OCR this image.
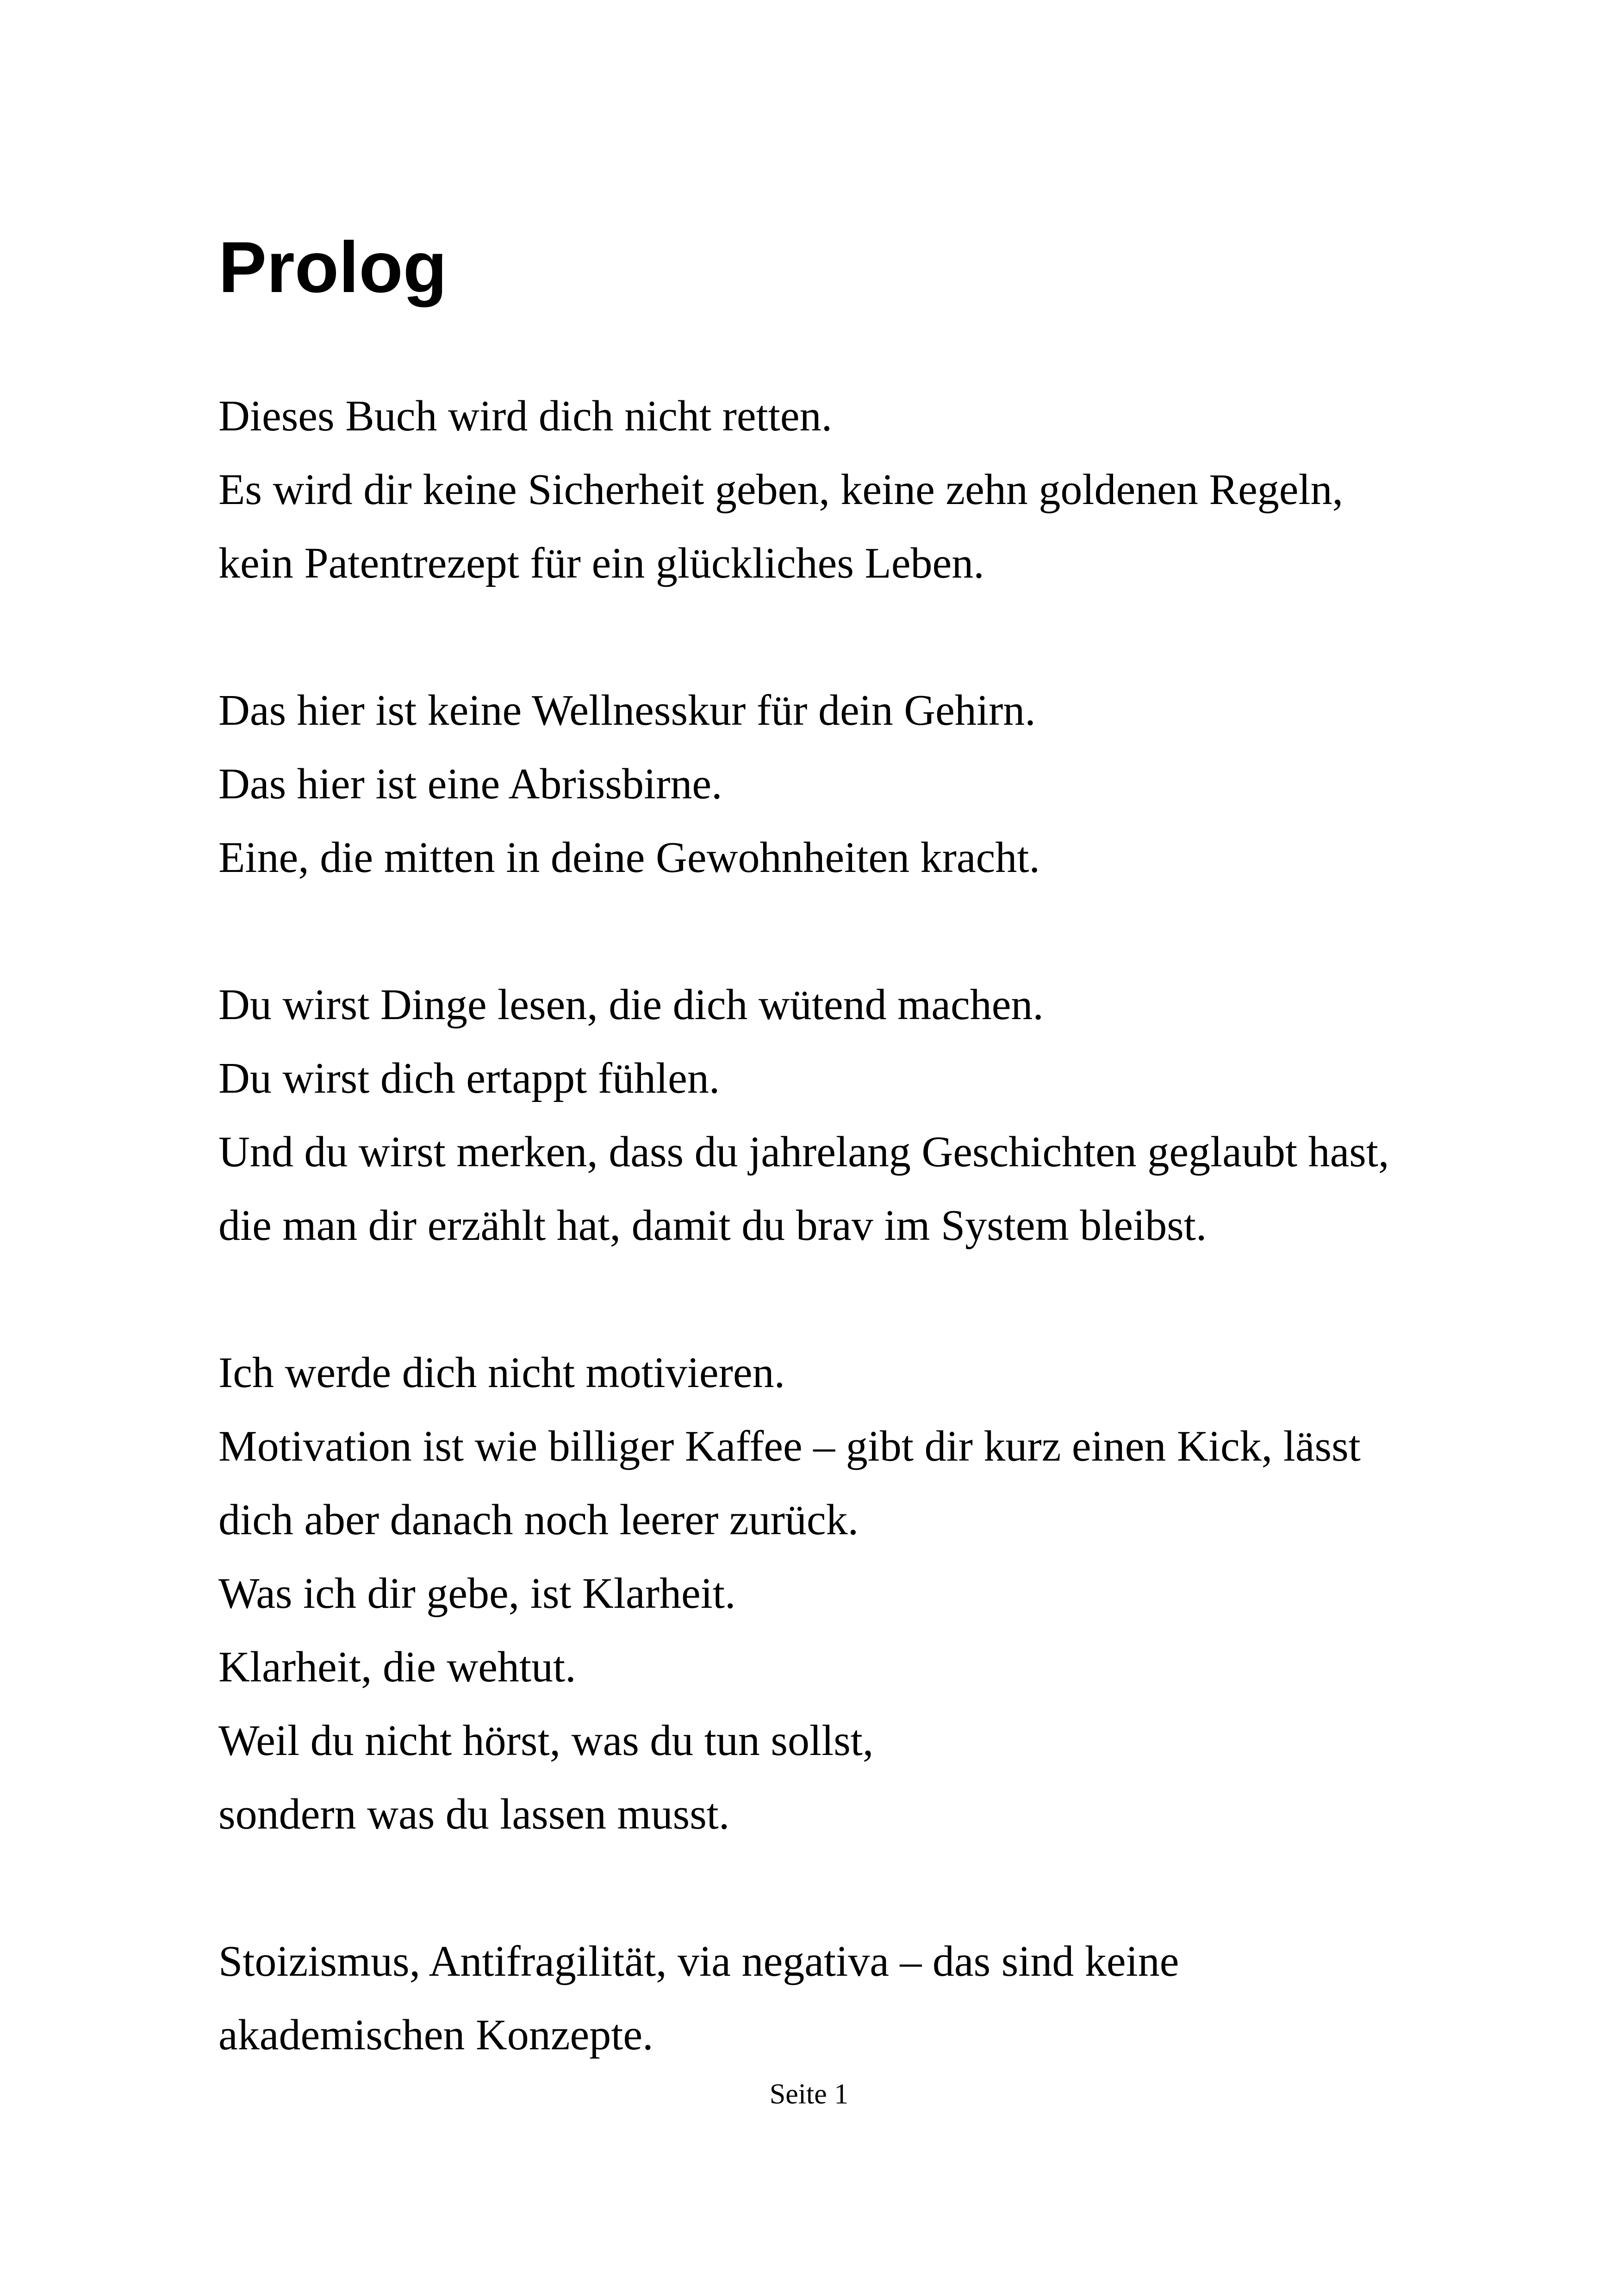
Prolog
Dieses Buch wird dich nicht retten.
Es wird dir keine Sicherheit geben, keine zehn goldenen Regeln,
kein Patentrezept für ein glückliches Leben.
Das hier ist keine Wellnesskur für dein Gehirn.
Das hier ist eine Abrissbirne.
Eine, die mitten in deine Gewohnheiten kracht.
Du wirst Dinge lesen, die dich wütend machen.
Du wirst dich ertappt fühlen.
Und du wirst merken, dass du jahrelang Geschichten geglaubt hast,
die man dir erzählt hat, damit du brav im System bleibst.
Ich werde dich nicht motivieren.
Motivation ist wie billiger Kaffee – gibt dir kurz einen Kick, lässt
dich aber danach noch leerer zurück.
Was ich dir gebe, ist Klarheit.
Klarheit, die wehtut.
Weil du nicht hörst, was du tun sollst,
sondern was du lassen musst.
Stoizismus, Antifragilität, via negativa – das sind keine
akademischen Konzepte.
Seite 1
